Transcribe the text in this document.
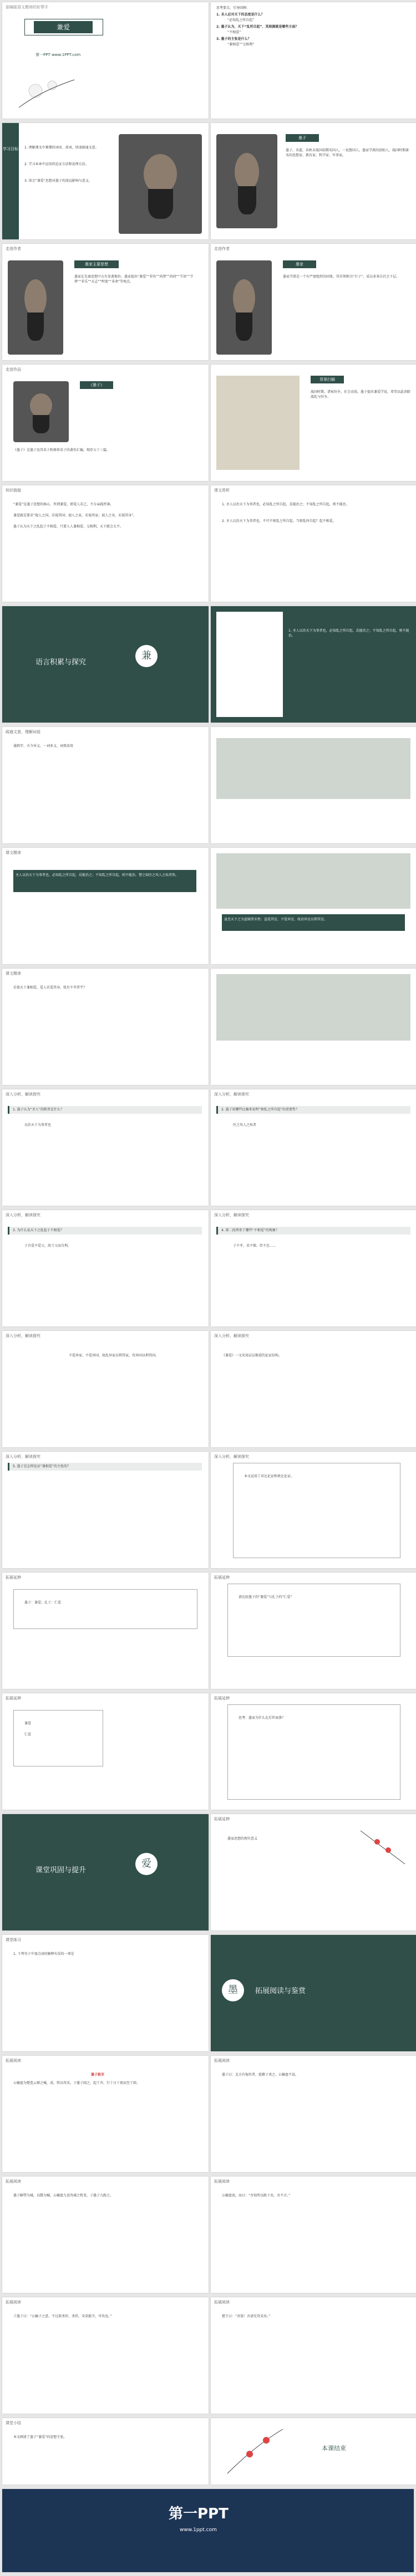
部编版语文教师的好帮手
兼爱
第一PPT www.1PPT.com
思考要点，引导回顾：
1. 圣人应对天下的态度是什么？
“必知乱之所自起”
2. 墨子认为，天下“乱所自起”，其根源就是哪些方面？
“不相爱”
3. 墨子的主张是什么？
“兼相爱”“交相利”
学习目标 1. 理解课文中难懂的词语、虚词，快速疏通文意。
2. 学习本章中运用的论证方法和说理方法。
3. 体会“兼爱”思想对墨子的深远影响与意义。
墨子
墨子，名翟，春秋末战国初期宋国人，一说鲁国人。墨家学派的创始人，战国时期著名的思想家、教育家、科学家、军事家。
走进作者
墨家主要思想
墨家在先秦思想中占有显著地位。墨家提出“兼爱”“非攻”“尚贤”“尚同”“节用”“节葬”“非乐”“天志”“明鬼”“非命”等观点。
走进作者
墨家
墨家学派是一个有严密组织的团体，其首领称为“巨子”，成员多来自社会下层。
走进作品
《墨子》
《墨子》是墨子及其弟子和再传弟子的著作汇编，现存五十三篇。
背景扫描
战国时期，诸侯纷争，社会动荡，墨子提出兼爱学说，希望以此消除战乱与纷争。
知识链接
“兼爱”是墨子思想的核心，所谓兼爱，即爱人若己，不分亲疏厚薄。
兼爱就是要求“视人之国，若视其国；视人之家，若视其家；视人之身，若视其身”。
墨子认为天下之乱起于不相爱，只要人人兼相爱、交相利，天下就会太平。
课文赏析
1. 圣人以治天下为事者也，必知乱之所自起，焉能治之；不知乱之所自起，则不能治。
2. 圣人以治天下为事者也，不可不察乱之所自起。当察乱何自起？起不相爱。
语言积累与探究
兼
1. 圣人以治天下为事者也，必知乱之所自起，焉能治之；不知乱之所自起，则不能治。
疏通文意，理解词语
通假字、古今异义、一词多义、词类活用
课文精读
圣人以治天下为事者也，必知乱之所自起，焉能治之；不知乱之所自起，则不能治。譬之如医之攻人之疾者然。
虽至天下之为盗贼者亦然：盗爱其室，不爱异室，故窃异室以利其室。
课文精读
若使天下兼相爱，爱人若爱其身，犹有不孝者乎？
深入分析，解读探究
1. 墨子认为“圣人”的职责是什么？
以治天下为事者也
深入分析，解读探究
2. 墨子用哪些比喻来说明“察乱之所自起”的重要性？
医之攻人之疾者
深入分析，解读探究
3. 为什么说天下之乱起于不相爱？
子自爱不爱父，故亏父而自利。
深入分析，解读探究
4. 第二段列举了哪些“不相爱”的现象？
子不孝、弟不悌、臣不忠……
深入分析，解读探究
不爱异家、不爱异国，故乱异家以利其家，攻异国以利其国。
深入分析，解读探究
《兼爱》一文采用层层推进的论证结构。
深入分析，解读探究
5. 墨子是怎样论证“兼相爱”的主张的？
深入分析，解读探究
本文运用了对比论证和类比论证。
拓展延伸
墨子：兼爱；孔子：仁爱
拓展延伸
请比较墨子的“兼爱”与孔子的“仁爱”
拓展延伸
兼爱
仁爱
拓展延伸
思考：墨家为什么在后世衰落？
课堂巩固与提升
爱
拓展延伸
墨家思想的现实意义
课堂练习
1. 下列句子中加点词的解释有误的一项是
拓展阅读与鉴赏
墨
拓展阅读
墨子救宋
公输盘为楚造云梯之械，成，将以攻宋。子墨子闻之，起于齐，行十日十夜而至于郢。
拓展阅读
墨子曰：北方有侮臣者，愿藉子杀之。公输盘不说。
拓展阅读
墨子解带为城，以牒为械，公输盘九设攻城之机变，子墨子九距之。
拓展阅读
公输盘诎，而曰：“吾知所以距子矣，吾不言。”
拓展阅读
子墨子曰：“公输子之意，不过欲杀臣。杀臣，宋莫能守，可攻也。”
拓展阅读
楚王曰：“善哉！吾请无攻宋矣。”
课堂小结
本文阐述了墨子“兼爱”的思想主张。
本课结束
第一PPT
www.1ppt.com
